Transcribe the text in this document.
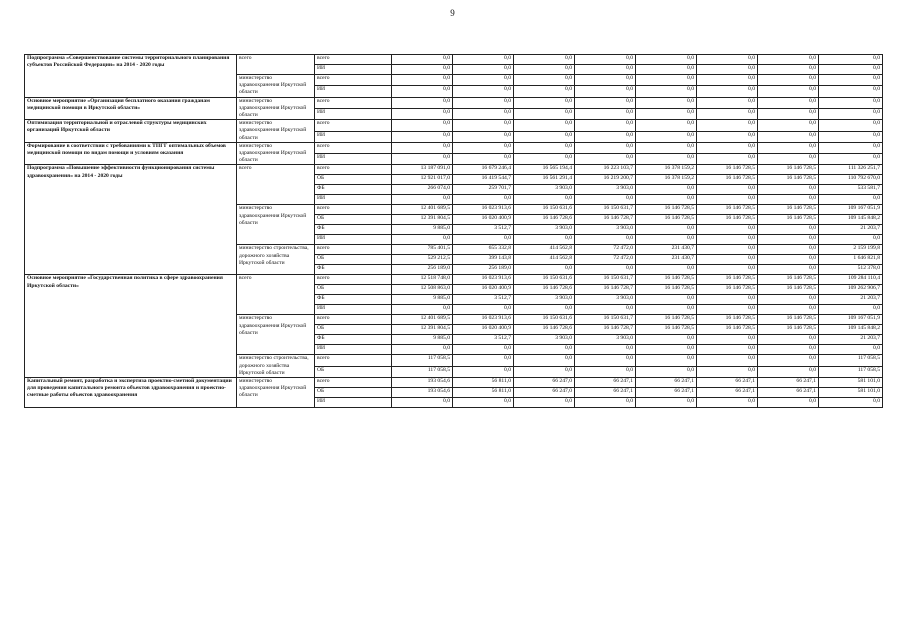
9
Подпрограмма «Совершенствование системы территориального планирования субъектов Российской Федерации» на 2014 - 2020 годы	всего	всего	0,0	0,0	0,0	0,0	0,0	0,0	0,0	0,0
		ИИ	0,0	0,0	0,0	0,0	0,0	0,0	0,0	0,0
	министерство здравоохранения Иркутской области	всего	0,0	0,0	0,0	0,0	0,0	0,0	0,0	0,0
		ИИ	0,0	0,0	0,0	0,0	0,0	0,0	0,0	0,0
Основное мероприятие «Организация бесплатного оказания гражданам медицинской помощи в Иркутской области»	министерство здравоохранения Иркутской области	всего	0,0	0,0	0,0	0,0	0,0	0,0	0,0	0,0
		ИИ	0,0	0,0	0,0	0,0	0,0	0,0	0,0	0,0
Оптимизация территориальной и отраслевой структуры медицинских организаций Иркутской области	министерство здравоохранения Иркутской области	всего	0,0	0,0	0,0	0,0	0,0	0,0	0,0	0,0
		ИИ	0,0	0,0	0,0	0,0	0,0	0,0	0,0	0,0
Формирование в соответствии с требованиями к ТПГГ оптимальных объемов медицинской помощи по видам помощи и условиям оказания	министерство здравоохранения Иркутской области	всего	0,0	0,0	0,0	0,0	0,0	0,0	0,0	0,0
		ИИ	0,0	0,0	0,0	0,0	0,0	0,0	0,0	0,0
Подпрограмма «Повышение эффективности функционирования системы здравоохранения» на 2014 - 2020 годы	всего	всего	13 187 091,0	16 679 246,4	16 565 194,4	16 223 103,7	16 378 159,2	16 146 728,5	16 146 728,5	111 326 251,7
		ОБ	12 921 017,0	16 419 544,7	16 561 291,4	16 219 200,7	16 378 159,2	16 146 728,5	16 146 728,5	110 792 670,0
		ФБ	266 074,0	259 701,7	3 903,0	3 903,0	0,0	0,0	0,0	533 581,7
		ИИ	0,0	0,0	0,0	0,0	0,0	0,0	0,0	0,0
	министерство здравоохранения Иркутской области	всего	12 401 689,5	16 023 913,6	16 150 631,6	16 150 631,7	16 146 728,5	16 146 728,5	16 146 728,5	109 167 051,9
		ОБ	12 391 804,5	16 020 400,9	16 146 728,6	16 146 728,7	16 146 728,5	16 146 728,5	16 146 728,5	109 145 848,2
		ФБ	9 885,0	3 512,7	3 903,0	3 903,0	0,0	0,0	0,0	21 203,7
		ИИ	0,0	0,0	0,0	0,0	0,0	0,0	0,0	0,0
	министерство строительства, дорожного хозяйства Иркутской области	всего	785 401,5	655 332,8	414 562,8	72 472,0	231 430,7	0,0	0,0	2 159 199,8
		ОБ	529 212,5	399 143,8	414 562,8	72 472,0	231 430,7	0,0	0,0	1 646 821,8
		ФБ	256 189,0	256 189,0	0,0	0,0	0,0	0,0	0,0	512 378,0
Основное мероприятие «Государственная политика в сфере здравоохранения Иркутской области»	всего	всего	12 518 748,0	16 023 913,6	16 150 631,6	16 150 631,7	16 146 728,5	16 146 728,5	16 146 728,5	109 284 110,4
		ОБ	12 508 863,0	16 020 400,9	16 146 728,6	16 146 728,7	16 146 728,5	16 146 728,5	16 146 728,5	109 262 906,7
		ФБ	9 885,0	3 512,7	3 903,0	3 903,0	0,0	0,0	0,0	21 203,7
		ИИ	0,0	0,0	0,0	0,0	0,0	0,0	0,0	0,0
	министерство здравоохранения Иркутской области	всего	12 401 689,5	16 023 913,6	16 150 631,6	16 150 631,7	16 146 728,5	16 146 728,5	16 146 728,5	109 167 051,9
		ОБ	12 391 804,5	16 020 400,9	16 146 728,6	16 146 728,7	16 146 728,5	16 146 728,5	16 146 728,5	109 145 848,2
		ФБ	9 885,0	3 512,7	3 903,0	3 903,0	0,0	0,0	0,0	21 203,7
		ИИ	0,0	0,0	0,0	0,0	0,0	0,0	0,0	0,0
	министерство строительства, дорожного хозяйства Иркутской области	всего	117 058,5	0,0	0,0	0,0	0,0	0,0	0,0	117 058,5
		ОБ	117 058,5	0,0	0,0	0,0	0,0	0,0	0,0	117 058,5
Капитальный ремонт, разработка и экспертиза проектно-сметной документации для проведения капитального ремонта объектов здравоохранения и проектно-сметные работы объектов здравоохранения	министерство здравоохранения Иркутской области	всего	193 054,6	56 811,0	66 247,0	66 247,1	66 247,1	66 247,1	66 247,1	581 101,0
		ОБ	193 054,6	56 811,0	66 247,0	66 247,1	66 247,1	66 247,1	66 247,1	581 101,0
		ИИ	0,0	0,0	0,0	0,0	0,0	0,0	0,0	0,0
